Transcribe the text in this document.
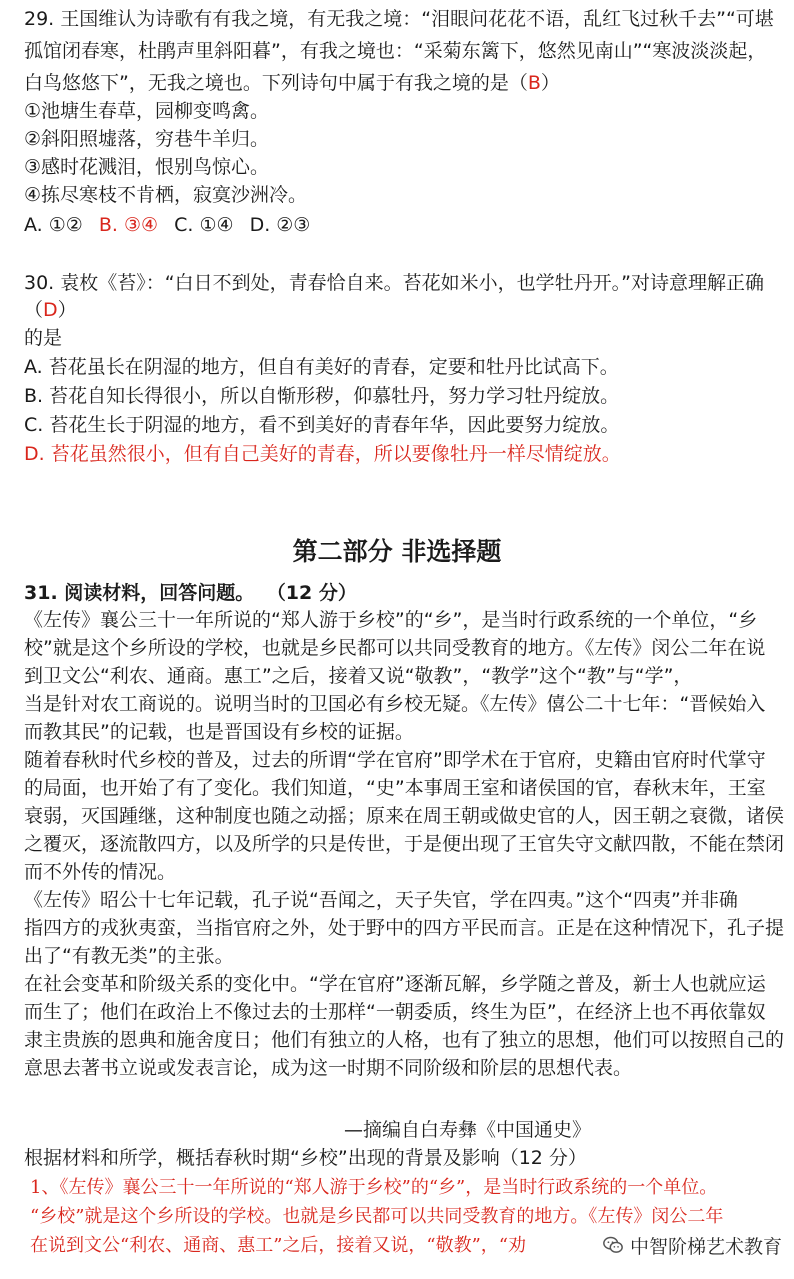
29. 王国维认为诗歌有有我之境，有无我之境：“泪眼问花花不语，乱红飞过秋千去”“可堪
孤馆闭春寒，杜鹃声里斜阳暮”，有我之境也：“采菊东篱下，悠然见南山”“寒波淡淡起，
白鸟悠悠下”，无我之境也。下列诗句中属于有我之境的是（B）
①池塘生春草，园柳变鸣禽。
②斜阳照墟落，穷巷牛羊归。
③感时花溅泪，恨别鸟惊心。
④拣尽寒枝不肯栖，寂寞沙洲冷。
A. ①② B. ③④ C. ①④ D. ②③
30. 袁枚《苔》：“白日不到处，青春恰自来。苔花如米小，也学牡丹开。”对诗意理解正确
（D）
的是
A. 苔花虽长在阴湿的地方，但自有美好的青春，定要和牡丹比试高下。
B. 苔花自知长得很小，所以自惭形秽，仰慕牡丹，努力学习牡丹绽放。
C. 苔花生长于阴湿的地方，看不到美好的青春年华，因此要努力绽放。
D. 苔花虽然很小，但有自己美好的青春，所以要像牡丹一样尽情绽放。
第二部分 非选择题
31. 阅读材料，回答问题。 （12 分）
《左传》襄公三十一年所说的“郑人游于乡校”的“乡”，是当时行政系统的一个单位，“乡
校”就是这个乡所设的学校，也就是乡民都可以共同受教育的地方。《左传》闵公二年在说
到卫文公“利农、通商。惠工”之后，接着又说“敬教”，“教学”这个“教”与“学”，
当是针对农工商说的。说明当时的卫国必有乡校无疑。《左传》僖公二十七年：“晋候始入
而教其民”的记载，也是晋国设有乡校的证据。
随着春秋时代乡校的普及，过去的所谓“学在官府”即学术在于官府，史籍由官府时代掌守
的局面，也开始了有了变化。我们知道，“史”本事周王室和诸侯国的官，春秋末年，王室
衰弱，灭国踵继，这种制度也随之动摇；原来在周王朝或做史官的人，因王朝之衰微，诸侯
之覆灭，逐流散四方，以及所学的只是传世，于是便出现了王官失守文献四散，不能在禁闭
而不外传的情况。
《左传》昭公十七年记载，孔子说“吾闻之，天子失官，学在四夷。”这个“四夷”并非确
指四方的戎狄夷蛮，当指官府之外，处于野中的四方平民而言。正是在这种情况下，孔子提
出了“有教无类”的主张。
在社会变革和阶级关系的变化中。“学在官府”逐渐瓦解，乡学随之普及，新士人也就应运
而生了；他们在政治上不像过去的士那样“一朝委质，终生为臣”，在经济上也不再依靠奴
隶主贵族的恩典和施舍度日；他们有独立的人格，也有了独立的思想，他们可以按照自己的
意思去著书立说或发表言论，成为这一时期不同阶级和阶层的思想代表。
—摘编自白寿彝《中国通史》
根据材料和所学，概括春秋时期“乡校”出现的背景及影响（12 分）
1、《左传》襄公三十一年所说的“郑人游于乡校”的“乡”，是当时行政系统的一个单位。
“乡校”就是这个乡所设的学校。也就是乡民都可以共同受教育的地方。《左传》闵公二年
在说到文公“利农、通商、惠工”之后，接着又说，“敬教”，“劝	中智阶梯艺术教育
